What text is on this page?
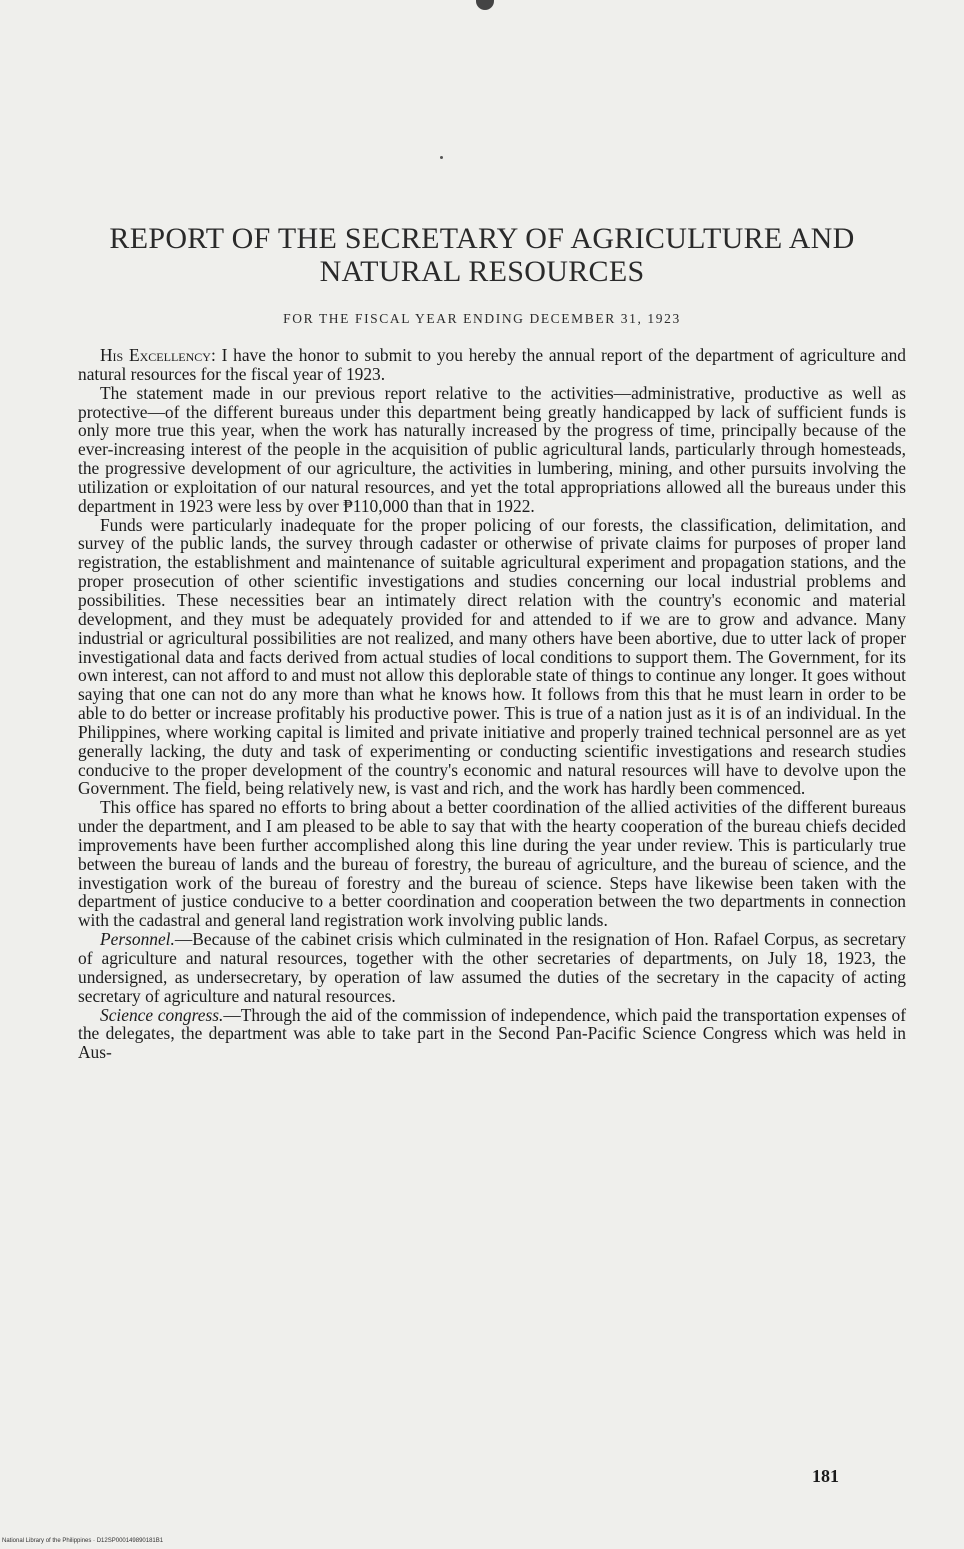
REPORT OF THE SECRETARY OF AGRICULTURE AND NATURAL RESOURCES

FOR THE FISCAL YEAR ENDING DECEMBER 31, 1923

His Excellency: I have the honor to submit to you hereby the annual report of the department of agriculture and natural resources for the fiscal year of 1923.

The statement made in our previous report relative to the activities—administrative, productive as well as protective—of the different bureaus under this department being greatly handicapped by lack of sufficient funds is only more true this year, when the work has naturally increased by the progress of time, principally because of the ever-increasing interest of the people in the acquisition of public agricultural lands, particularly through homesteads, the progressive development of our agriculture, the activities in lumbering, mining, and other pursuits involving the utilization or exploitation of our natural resources, and yet the total appropriations allowed all the bureaus under this department in 1923 were less by over ₱110,000 than that in 1922.

Funds were particularly inadequate for the proper policing of our forests, the classification, delimitation, and survey of the public lands, the survey through cadaster or otherwise of private claims for purposes of proper land registration, the establishment and maintenance of suitable agricultural experiment and propagation stations, and the proper prosecution of other scientific investigations and studies concerning our local industrial problems and possibilities. These necessities bear an intimately direct relation with the country's economic and material development, and they must be adequately provided for and attended to if we are to grow and advance. Many industrial or agricultural possibilities are not realized, and many others have been abortive, due to utter lack of proper investigational data and facts derived from actual studies of local conditions to support them. The Government, for its own interest, can not afford to and must not allow this deplorable state of things to continue any longer. It goes without saying that one can not do any more than what he knows how. It follows from this that he must learn in order to be able to do better or increase profitably his productive power. This is true of a nation just as it is of an individual. In the Philippines, where working capital is limited and private initiative and properly trained technical personnel are as yet generally lacking, the duty and task of experimenting or conducting scientific investigations and research studies conducive to the proper development of the country's economic and natural resources will have to devolve upon the Government. The field, being relatively new, is vast and rich, and the work has hardly been commenced.

This office has spared no efforts to bring about a better coordination of the allied activities of the different bureaus under the department, and I am pleased to be able to say that with the hearty cooperation of the bureau chiefs decided improvements have been further accomplished along this line during the year under review. This is particularly true between the bureau of lands and the bureau of forestry, the bureau of agriculture, and the bureau of science, and the investigation work of the bureau of forestry and the bureau of science. Steps have likewise been taken with the department of justice conducive to a better coordination and cooperation between the two departments in connection with the cadastral and general land registration work involving public lands.

Personnel.—Because of the cabinet crisis which culminated in the resignation of Hon. Rafael Corpus, as secretary of agriculture and natural resources, together with the other secretaries of departments, on July 18, 1923, the undersigned, as undersecretary, by operation of law assumed the duties of the secretary in the capacity of acting secretary of agriculture and natural resources.

Science congress.—Through the aid of the commission of independence, which paid the transportation expenses of the delegates, the department was able to take part in the Second Pan-Pacific Science Congress which was held in Aus-

181
National Library of the Philippines · D12SP000149890181B1
